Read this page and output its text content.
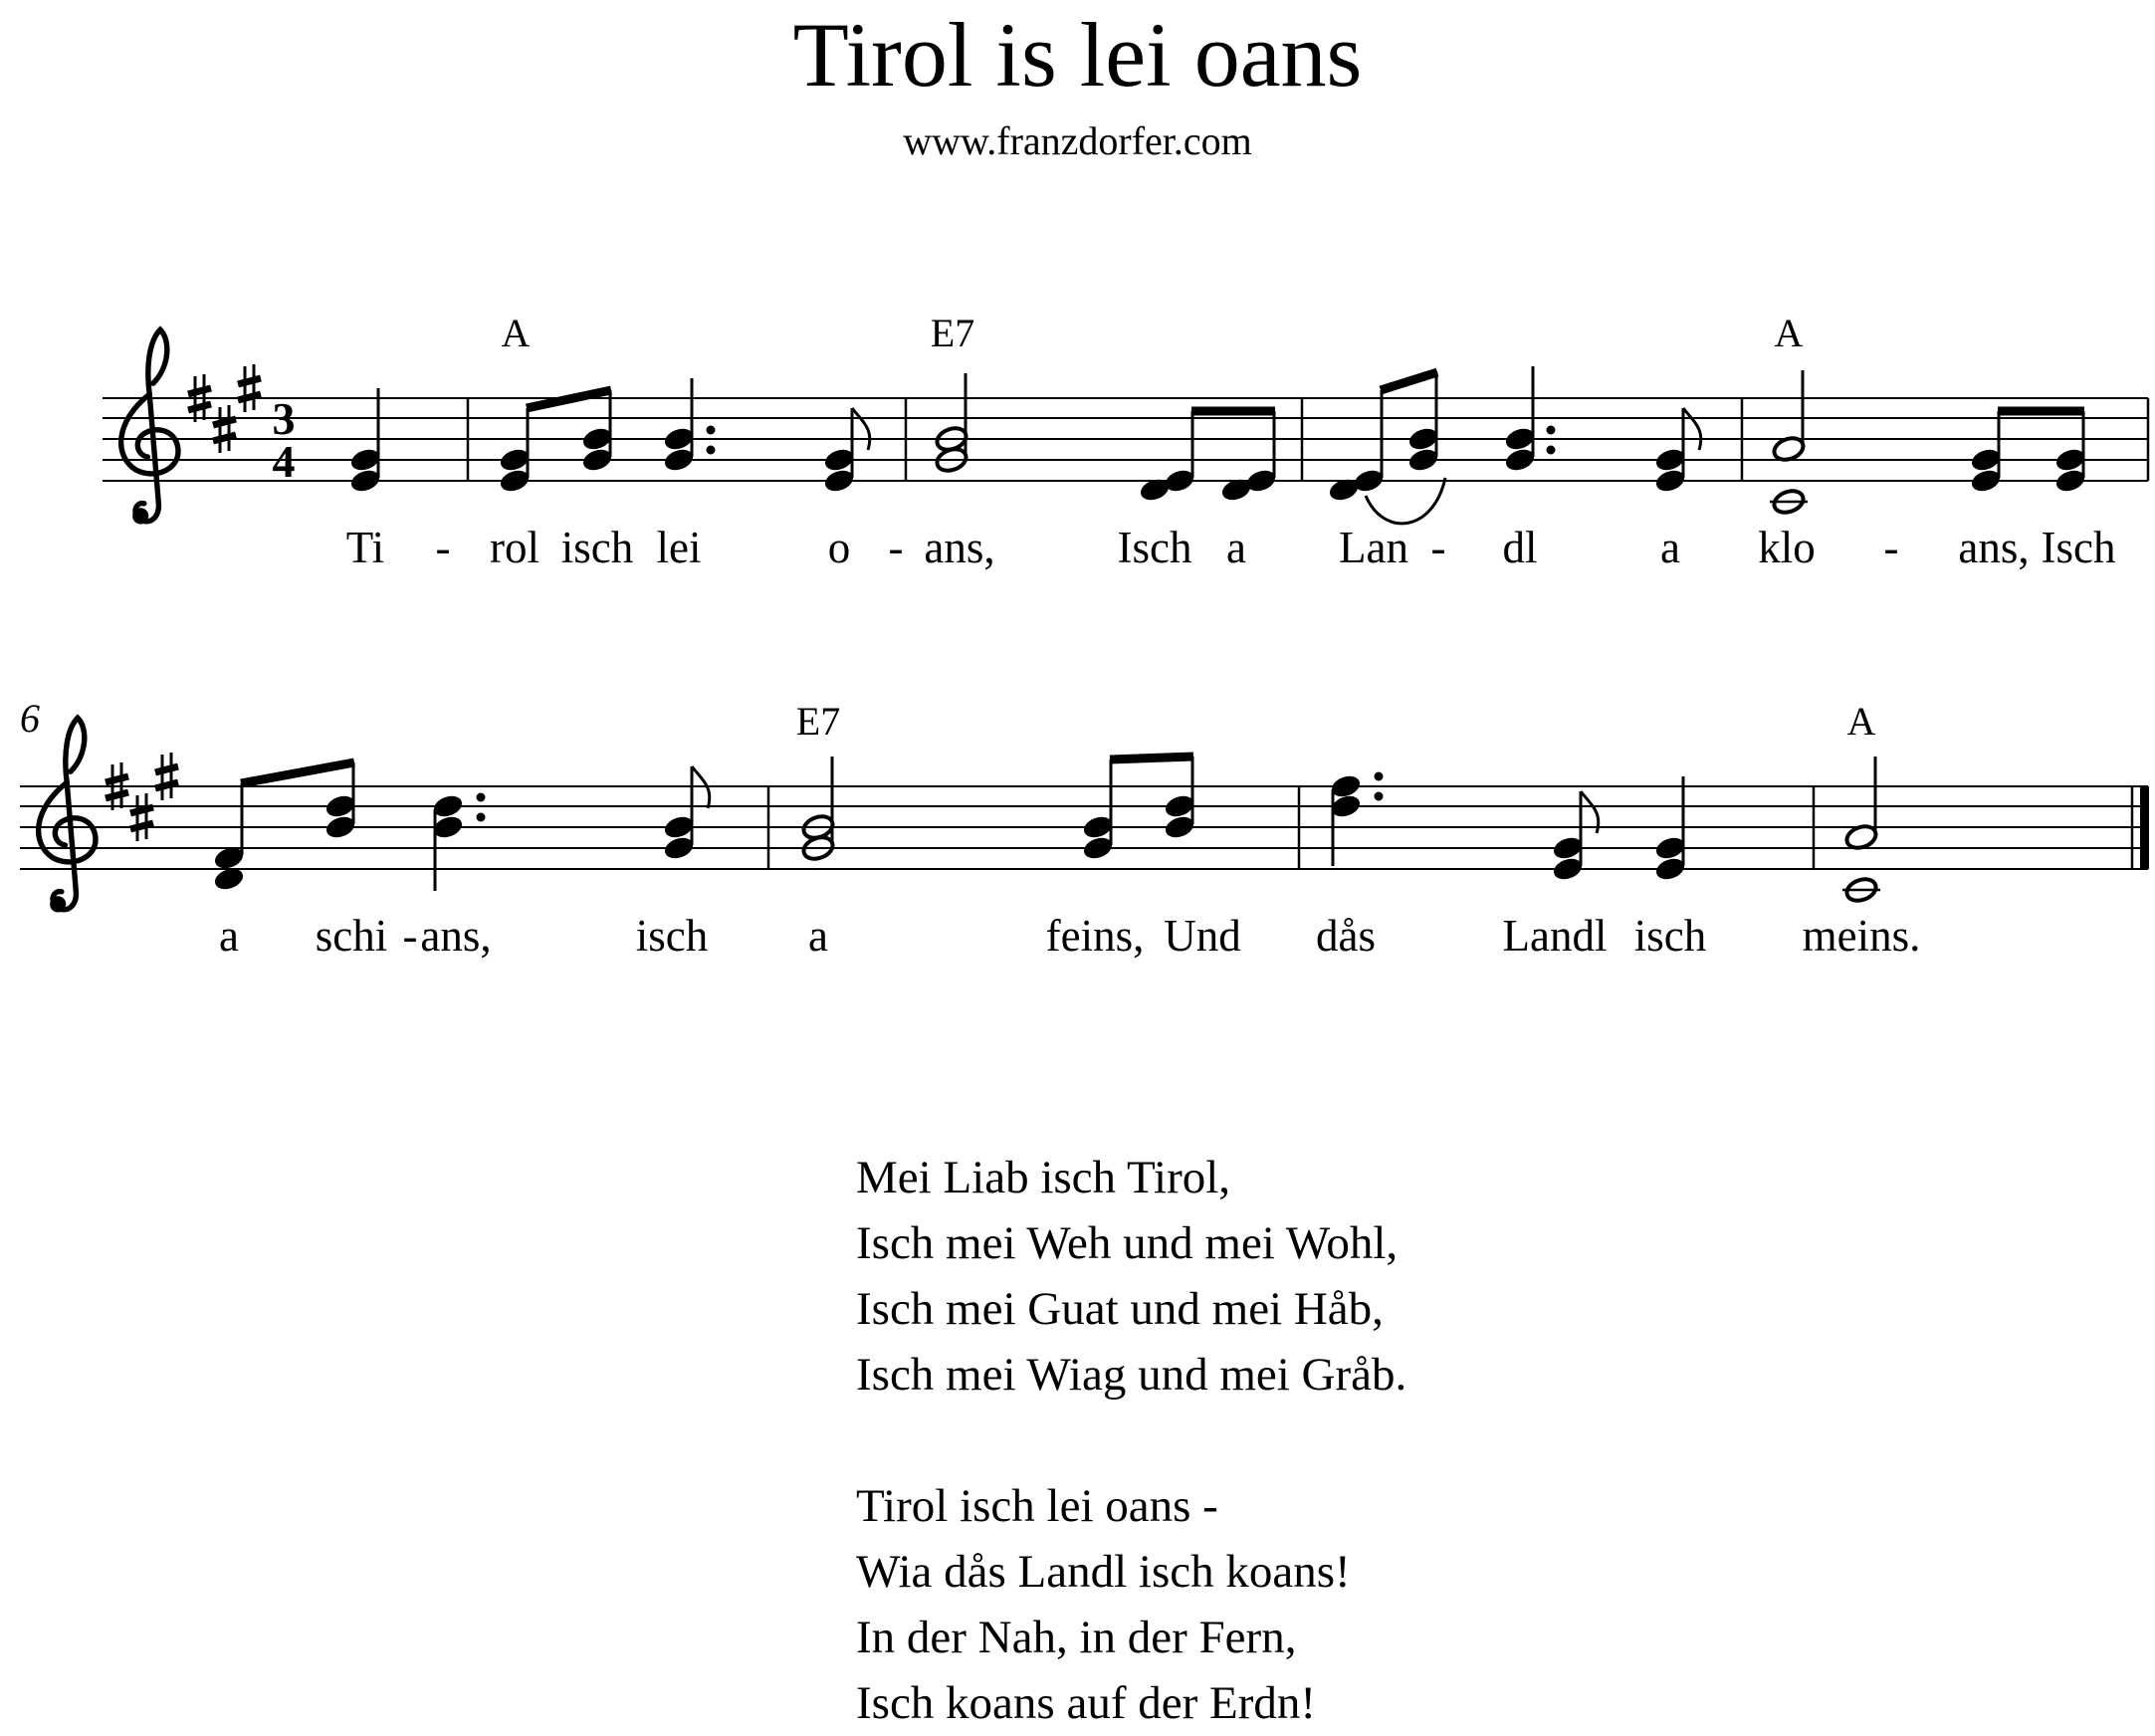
Tirol is lei oans
www.franzdorfer.com
3
4
A	E7	A
Ti - rol isch lei	o - ans,	Isch a Lan - dl	a klo - ans, Isch
6	E7	A
a schi - ans,	isch a	feins, Und dås	Landl isch meins.
Mei Liab isch Tirol,
Isch mei Weh und mei Wohl,
Isch mei Guat und mei Håb,
Isch mei Wiag und mei Gråb.
Tirol isch lei oans -
Wia dås Landl isch koans!
In der Nah, in der Fern,
Isch koans auf der Erdn!
